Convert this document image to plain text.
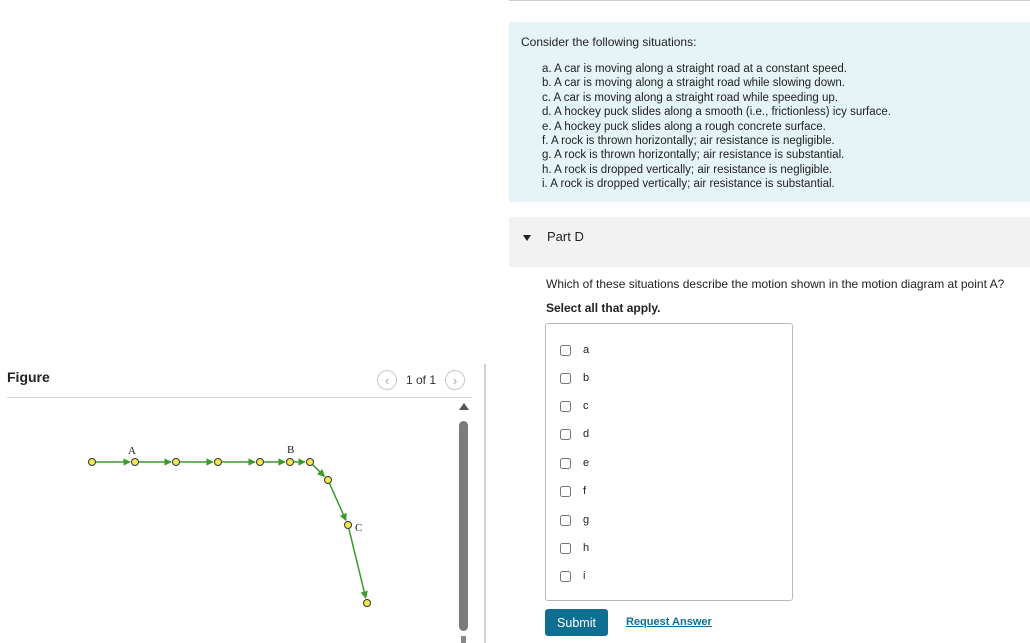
Figure	‹ 1 of 1 ›
A	B
C

Consider the following situations:

a. A car is moving along a straight road at a constant speed.
b. A car is moving along a straight road while slowing down.
c. A car is moving along a straight road while speeding up.
d. A hockey puck slides along a smooth (i.e., frictionless) icy surface.
e. A hockey puck slides along a rough concrete surface.
f. A rock is thrown horizontally; air resistance is negligible.
g. A rock is thrown horizontally; air resistance is substantial.
h. A rock is dropped vertically; air resistance is negligible.
i. A rock is dropped vertically; air resistance is substantial.
Part D
Which of these situations describe the motion shown in the motion diagram at point A?
Select all that apply.
a
b
c
d
e
f
g
h
i
Submit	Request Answer
